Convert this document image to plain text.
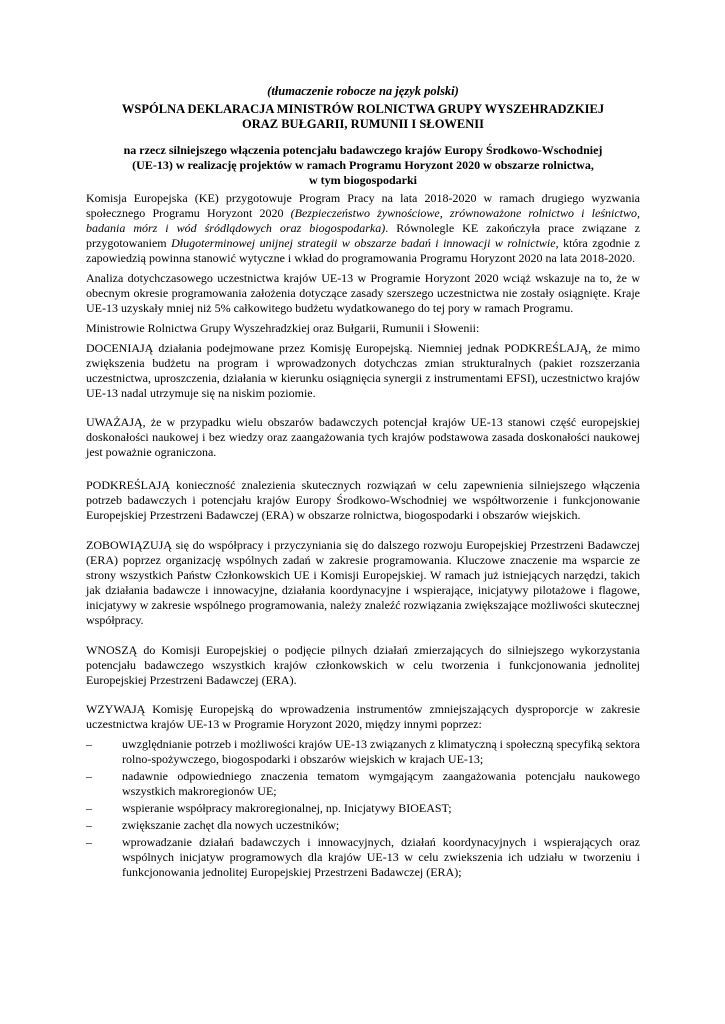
(tłumaczenie robocze na język polski)
WSPÓLNA DEKLARACJA MINISTRÓW ROLNICTWA GRUPY WYSZEHRADZKIEJ
ORAZ BUŁGARII, RUMUNII I SŁOWENII
na rzecz silniejszego włączenia potencjału badawczego krajów Europy Środkowo-Wschodniej
(UE-13) w realizację projektów w ramach Programu Horyzont 2020 w obszarze rolnictwa,
w tym biogospodarki

Komisja Europejska (KE) przygotowuje Program Pracy na lata 2018-2020 w ramach drugiego wyzwania społecznego Programu Horyzont 2020 (Bezpieczeństwo żywnościowe, zrównoważone rolnictwo i leśnictwo, badania mórz i wód śródlądowych oraz biogospodarka). Równolegle KE zakończyła prace związane z przygotowaniem Długoterminowej unijnej strategii w obszarze badań i innowacji w rolnictwie, która zgodnie z zapowiedzią powinna stanowić wytyczne i wkład do programowania Programu Horyzont 2020 na lata 2018-2020.

Analiza dotychczasowego uczestnictwa krajów UE-13 w Programie Horyzont 2020 wciąż wskazuje na to, że w obecnym okresie programowania założenia dotyczące zasady szerszego uczestnictwa nie zostały osiągnięte. Kraje UE-13 uzyskały mniej niż 5% całkowitego budżetu wydatkowanego do tej pory w ramach Programu.

Ministrowie Rolnictwa Grupy Wyszehradzkiej oraz Bułgarii, Rumunii i Słowenii:

DOCENIAJĄ działania podejmowane przez Komisję Europejską. Niemniej jednak PODKREŚLAJĄ, że mimo zwiększenia budżetu na program i wprowadzonych dotychczas zmian strukturalnych (pakiet rozszerzania uczestnictwa, uproszczenia, działania w kierunku osiągnięcia synergii z instrumentami EFSI), uczestnictwo krajów UE-13 nadal utrzymuje się na niskim poziomie.

UWAŻAJĄ, że w przypadku wielu obszarów badawczych potencjał krajów UE-13 stanowi część europejskiej doskonałości naukowej i bez wiedzy oraz zaangażowania tych krajów podstawowa zasada doskonałości naukowej jest poważnie ograniczona.

PODKREŚLAJĄ konieczność znalezienia skutecznych rozwiązań w celu zapewnienia silniejszego włączenia potrzeb badawczych i potencjału krajów Europy Środkowo-Wschodniej we współtworzenie i funkcjonowanie Europejskiej Przestrzeni Badawczej (ERA) w obszarze rolnictwa, biogospodarki i obszarów wiejskich.

ZOBOWIĄZUJĄ się do współpracy i przyczyniania się do dalszego rozwoju Europejskiej Przestrzeni Badawczej (ERA) poprzez organizację wspólnych zadań w zakresie programowania. Kluczowe znaczenie ma wsparcie ze strony wszystkich Państw Członkowskich UE i Komisji Europejskiej. W ramach już istniejących narzędzi, takich jak działania badawcze i innowacyjne, działania koordynacyjne i wspierające, inicjatywy pilotażowe i flagowe, inicjatywy w zakresie wspólnego programowania, należy znaleźć rozwiązania zwiększające możliwości skutecznej współpracy.

WNOSZĄ do Komisji Europejskiej o podjęcie pilnych działań zmierzających do silniejszego wykorzystania potencjału badawczego wszystkich krajów członkowskich w celu tworzenia i funkcjonowania jednolitej Europejskiej Przestrzeni Badawczej (ERA).

WZYWAJĄ Komisję Europejską do wprowadzenia instrumentów zmniejszających dysproporcje w zakresie uczestnictwa krajów UE-13 w Programie Horyzont 2020, między innymi poprzez:

–	uwzględnianie potrzeb i możliwości krajów UE-13 związanych z klimatyczną i społeczną specyfiką sektora rolno-spożywczego, biogospodarki i obszarów wiejskich w krajach UE-13;
–	nadawnie odpowiedniego znaczenia tematom wymgającym zaangażowania potencjału naukowego wszystkich makroregionów UE;
–	wspieranie współpracy makroregionalnej, np. Inicjatywy BIOEAST;
–	zwiększanie zachęt dla nowych uczestników;
–	wprowadzanie działań badawczych i innowacyjnych, działań koordynacyjnych i wspierających oraz wspólnych inicjatyw programowych dla krajów UE-13 w celu zwiekszenia ich udziału w tworzeniu i funkcjonowania jednolitej Europejskiej Przestrzeni Badawczej (ERA);
